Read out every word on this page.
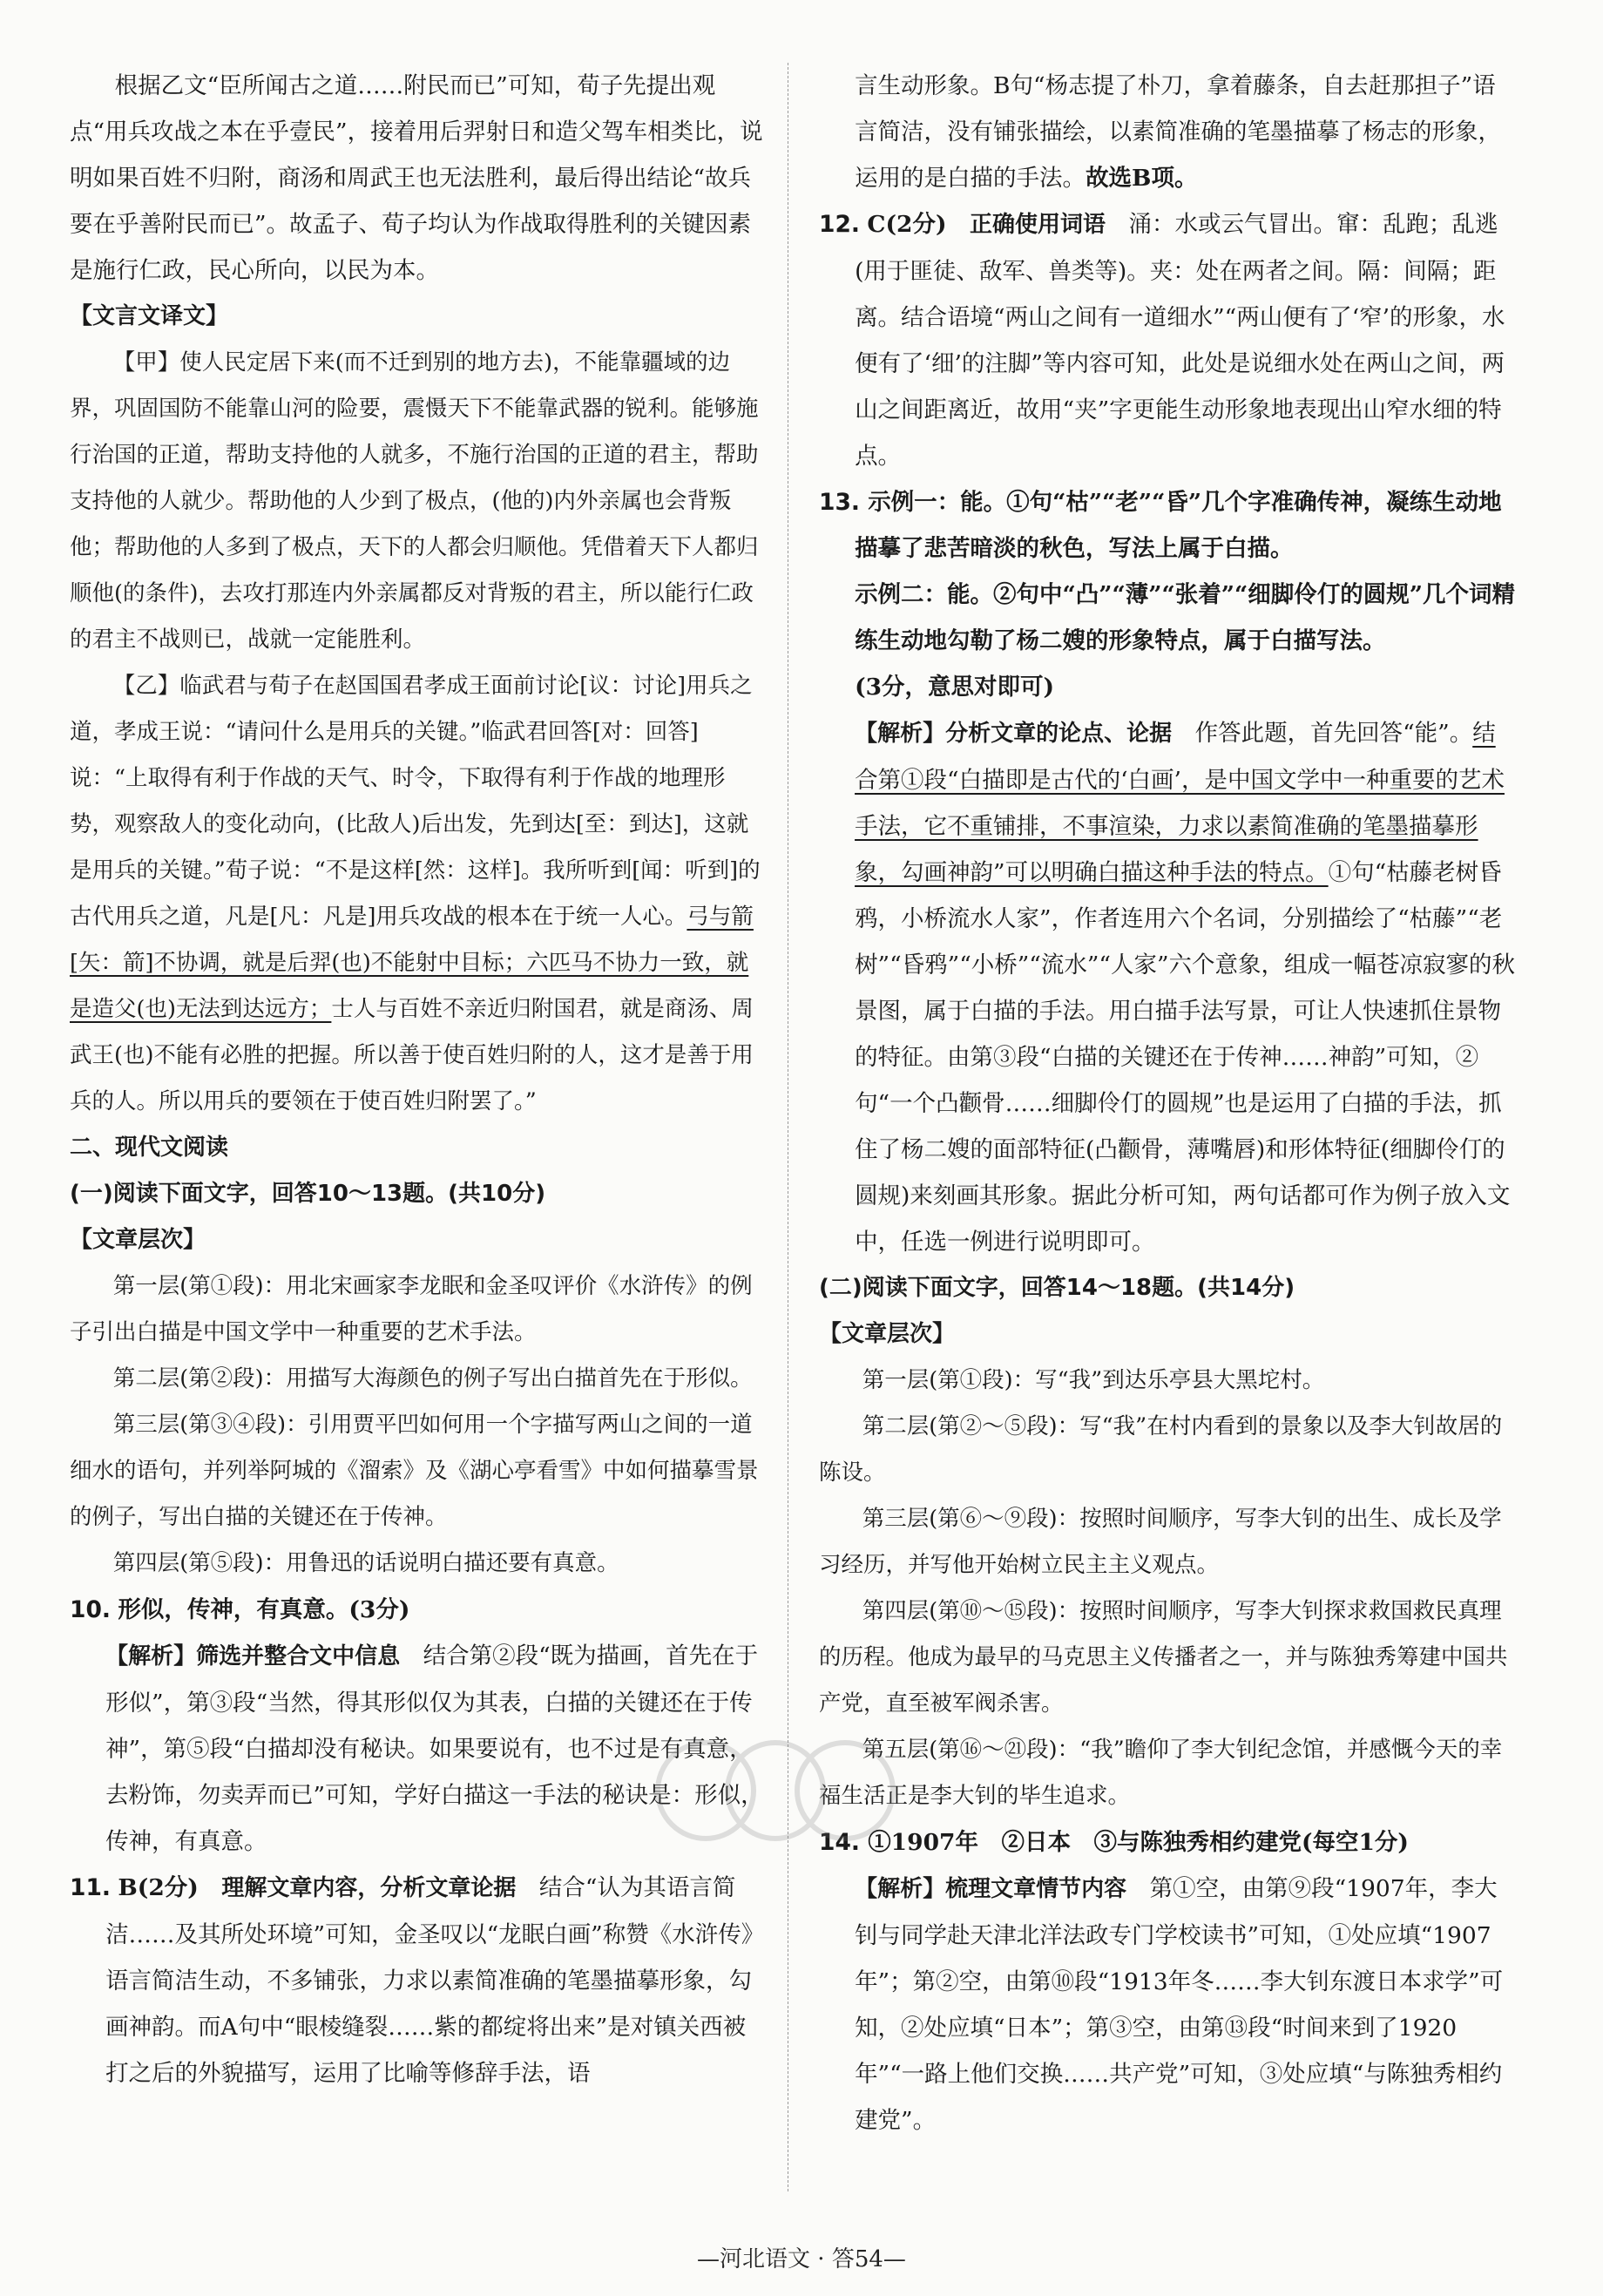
根据乙文“臣所闻古之道……附民而已”可知，荀子先提出观点“用兵攻战之本在乎壹民”，接着用后羿射日和造父驾车相类比，说明如果百姓不归附，商汤和周武王也无法胜利，最后得出结论“故兵要在乎善附民而已”。故孟子、荀子均认为作战取得胜利的关键因素是施行仁政，民心所向，以民为本。

【文言文译文】

【甲】使人民定居下来(而不迁到别的地方去)，不能靠疆域的边界，巩固国防不能靠山河的险要，震慑天下不能靠武器的锐利。能够施行治国的正道，帮助支持他的人就多，不施行治国的正道的君主，帮助支持他的人就少。帮助他的人少到了极点，(他的)内外亲属也会背叛他；帮助他的人多到了极点，天下的人都会归顺他。凭借着天下人都归顺他(的条件)，去攻打那连内外亲属都反对背叛的君主，所以能行仁政的君主不战则已，战就一定能胜利。

【乙】临武君与荀子在赵国国君孝成王面前讨论[议：讨论]用兵之道，孝成王说：“请问什么是用兵的关键。”临武君回答[对：回答]说：“上取得有利于作战的天气、时令，下取得有利于作战的地理形势，观察敌人的变化动向，(比敌人)后出发，先到达[至：到达]，这就是用兵的关键。”荀子说：“不是这样[然：这样]。我所听到[闻：听到]的古代用兵之道，凡是[凡：凡是]用兵攻战的根本在于统一人心。弓与箭[矢：箭]不协调，就是后羿(也)不能射中目标；六匹马不协力一致，就是造父(也)无法到达远方；士人与百姓不亲近归附国君，就是商汤、周武王(也)不能有必胜的把握。所以善于使百姓归附的人，这才是善于用兵的人。所以用兵的要领在于使百姓归附罢了。”

二、现代文阅读

(一)阅读下面文字，回答10～13题。(共10分)

【文章层次】

第一层(第①段)：用北宋画家李龙眠和金圣叹评价《水浒传》的例子引出白描是中国文学中一种重要的艺术手法。

第二层(第②段)：用描写大海颜色的例子写出白描首先在于形似。

第三层(第③④段)：引用贾平凹如何用一个字描写两山之间的一道细水的语句，并列举阿城的《溜索》及《湖心亭看雪》中如何描摹雪景的例子，写出白描的关键还在于传神。

第四层(第⑤段)：用鲁迅的话说明白描还要有真意。

10. 形似，传神，有真意。(3分)

【解析】筛选并整合文中信息　 结合第②段“既为描画，首先在于形似”，第③段“当然，得其形似仅为其表，白描的关键还在于传神”，第⑤段“白描却没有秘诀。如果要说有，也不过是有真意，去粉饰，勿卖弄而已”可知，学好白描这一手法的秘诀是：形似，传神，有真意。

11. B(2分)　 理解文章内容，分析文章论据　 结合“认为其语言简洁……及其所处环境”可知，金圣叹以“龙眠白画”称赞《水浒传》语言简洁生动，不多铺张，力求以素简准确的笔墨描摹形象，勾画神韵。而A句中“眼棱缝裂……紫的都绽将出来”是对镇关西被打之后的外貌描写，运用了比喻等修辞手法，语

言生动形象。B句“杨志提了朴刀，拿着藤条，自去赶那担子”语言简洁，没有铺张描绘，以素简准确的笔墨描摹了杨志的形象，运用的是白描的手法。故选B项。

12. C(2分)　 正确使用词语　 涌：水或云气冒出。窜：乱跑；乱逃(用于匪徒、敌军、兽类等)。夹：处在两者之间。隔：间隔；距离。结合语境“两山之间有一道细水”“两山便有了‘窄’的形象，水便有了‘细’的注脚”等内容可知，此处是说细水处在两山之间，两山之间距离近，故用“夹”字更能生动形象地表现出山窄水细的特点。

13. 示例一：能。①句“枯”“老”“昏”几个字准确传神，凝练生动地描摹了悲苦暗淡的秋色，写法上属于白描。

示例二：能。②句中“凸”“薄”“张着”“细脚伶仃的圆规”几个词精练生动地勾勒了杨二嫂的形象特点，属于白描写法。

(3分，意思对即可)

【解析】分析文章的论点、论据　 作答此题，首先回答“能”。结合第①段“白描即是古代的‘白画’，是中国文学中一种重要的艺术手法，它不重铺排，不事渲染，力求以素简准确的笔墨描摹形象，勾画神韵”可以明确白描这种手法的特点。①句“枯藤老树昏鸦，小桥流水人家”，作者连用六个名词，分别描绘了“枯藤”“老树”“昏鸦”“小桥”“流水”“人家”六个意象，组成一幅苍凉寂寥的秋景图，属于白描的手法。用白描手法写景，可让人快速抓住景物的特征。由第③段“白描的关键还在于传神……神韵”可知，②句“一个凸颧骨……细脚伶仃的圆规”也是运用了白描的手法，抓住了杨二嫂的面部特征(凸颧骨，薄嘴唇)和形体特征(细脚伶仃的圆规)来刻画其形象。据此分析可知，两句话都可作为例子放入文中，任选一例进行说明即可。

(二)阅读下面文字，回答14～18题。(共14分)

【文章层次】

第一层(第①段)：写“我”到达乐亭县大黑坨村。

第二层(第②～⑤段)：写“我”在村内看到的景象以及李大钊故居的陈设。

第三层(第⑥～⑨段)：按照时间顺序，写李大钊的出生、成长及学习经历，并写他开始树立民主主义观点。

第四层(第⑩～⑮段)：按照时间顺序，写李大钊探求救国救民真理的历程。他成为最早的马克思主义传播者之一，并与陈独秀筹建中国共产党，直至被军阀杀害。

第五层(第⑯～㉑段)：“我”瞻仰了李大钊纪念馆，并感慨今天的幸福生活正是李大钊的毕生追求。

14. ①1907年　②日本　③与陈独秀相约建党(每空1分)

【解析】梳理文章情节内容　 第①空，由第⑨段“1907年，李大钊与同学赴天津北洋法政专门学校读书”可知，①处应填“1907年”；第②空，由第⑩段“1913年冬……李大钊东渡日本求学”可知，②处应填“日本”；第③空，由第⑬段“时间来到了1920年”“一路上他们交换……共产党”可知，③处应填“与陈独秀相约建党”。

—河北语文 · 答54—
